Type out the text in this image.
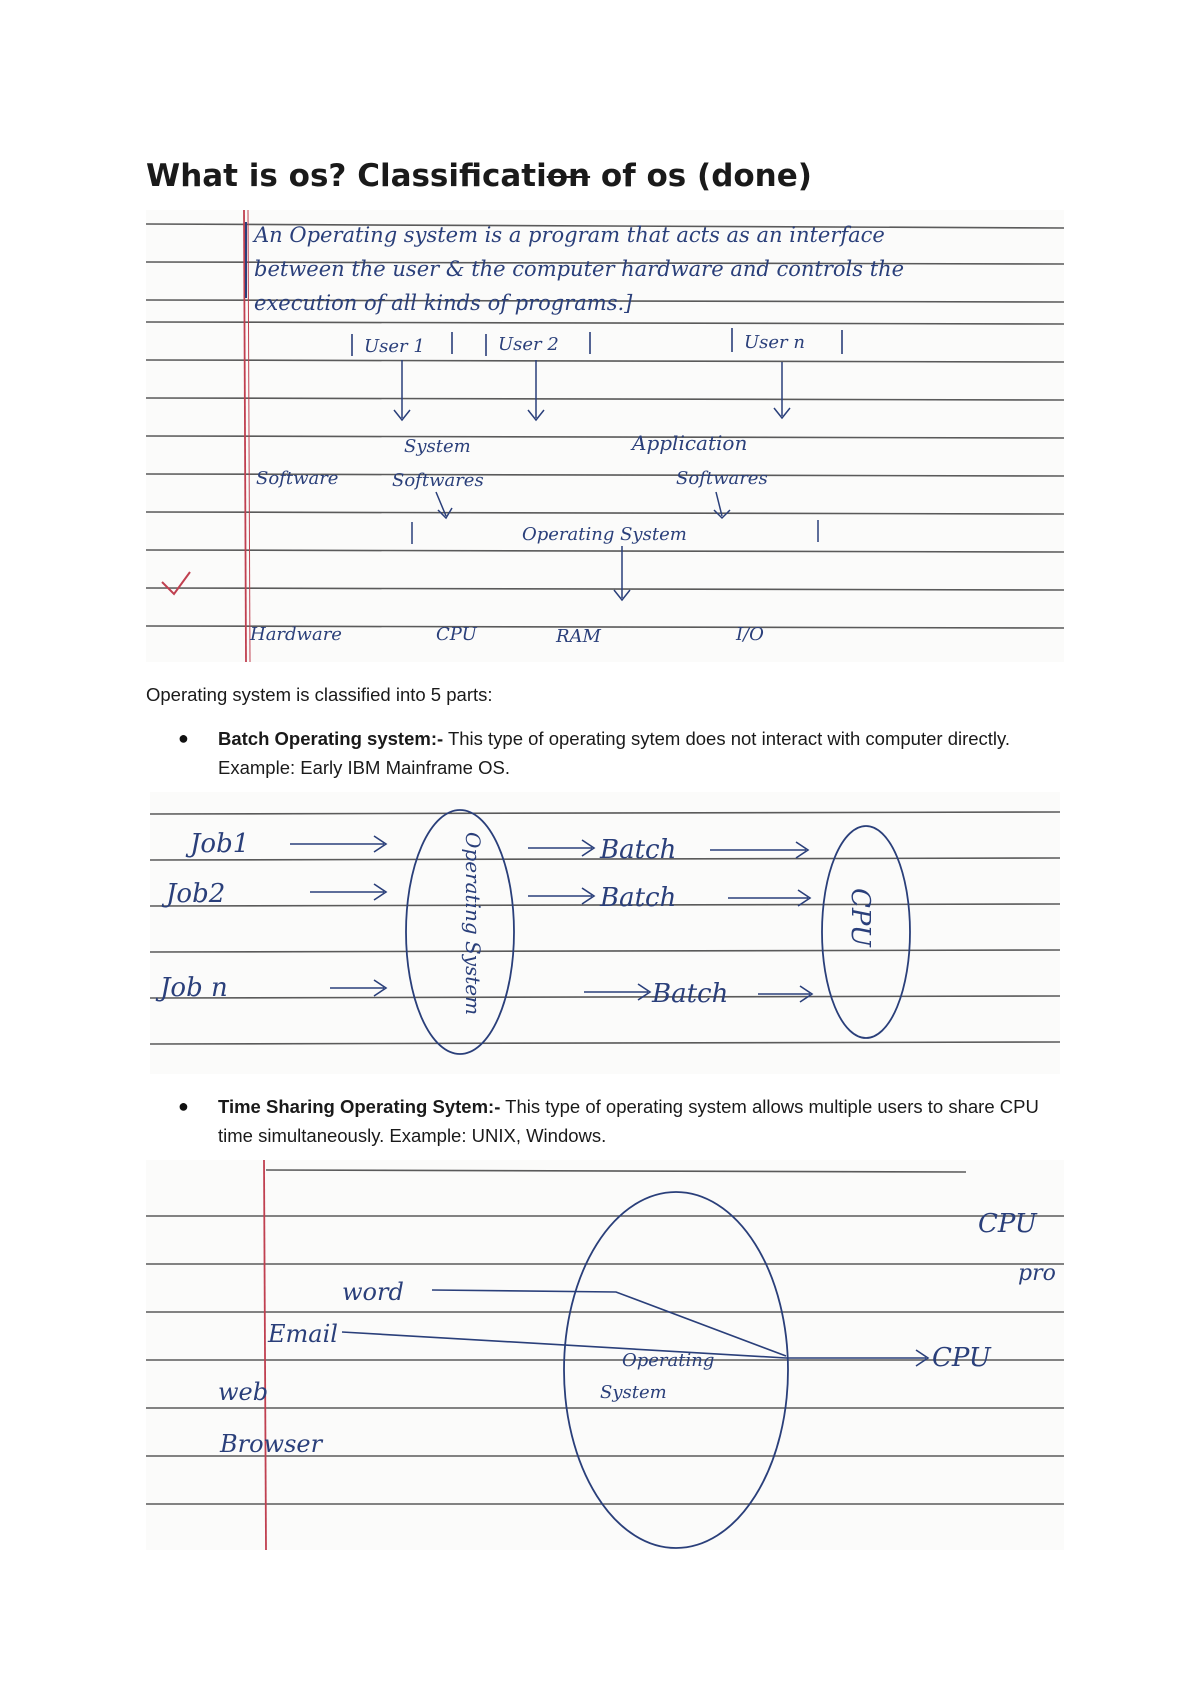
What is os? Classification of os (done)
An Operating system is a program that acts as an interface
between the user & the computer hardware and controls the
execution of all kinds of programs.]
User 1	User 2	User n
System	Application
Software	Softwares	Softwares
Operating System
Hardware	CPU	RAM	I/O
Operating system is classified into 5 parts:
● Batch Operating system:- This type of operating sytem does not interact with computer directly. Example: Early IBM Mainframe OS.
Job1
Job2
Job n	Operating System	Batch
Batch
Batch
CPU
● Time Sharing Operating Sytem:- This type of operating system allows multiple users to share CPU time simultaneously. Example: UNIX, Windows.
word
Email
web
Browser
Operating
System
CPU
CPU
pro
